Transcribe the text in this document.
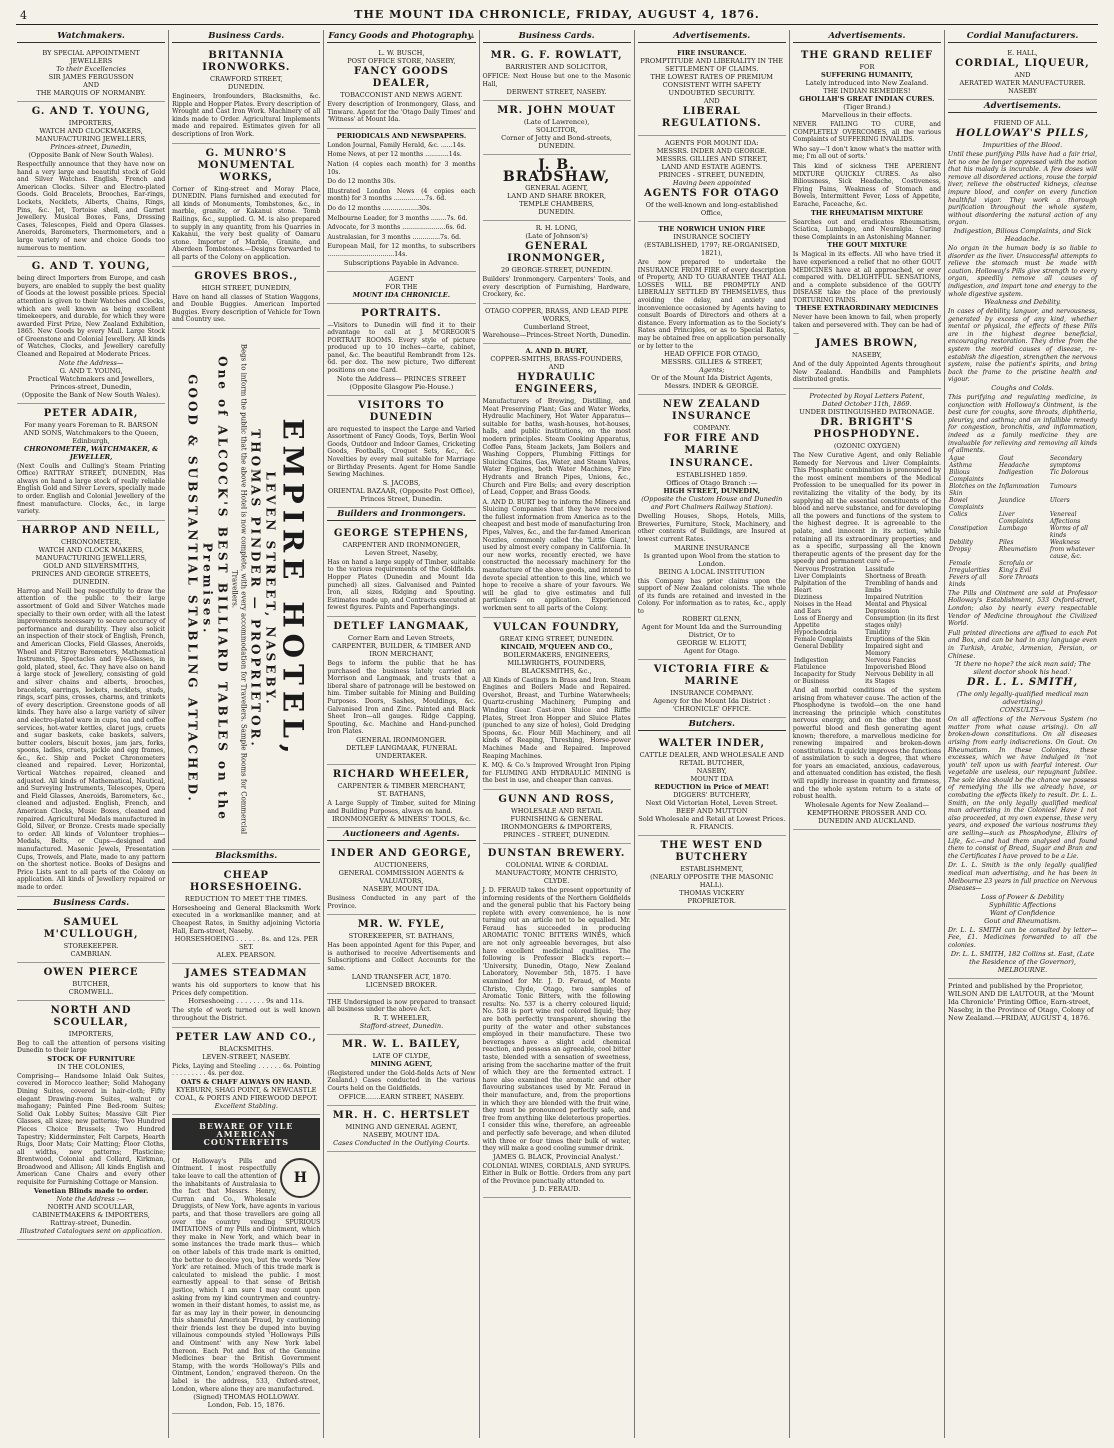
4	THE MOUNT IDA CHRONICLE, FRIDAY, AUGUST 4, 1876.
Watchmakers.
BY SPECIAL APPOINTMENT
JEWELLERS
To their Excellencies
SIR JAMES FERGUSSON
AND
THE MARQUIS OF NORMANBY.
G. AND T. YOUNG,
IMPORTERS,
WATCH AND CLOCKMAKERS,
MANUFACTURING JEWELLERS,
Princes-street, Dunedin,
(Opposite Bank of New South Wales).
Respectfully announce that they have now on hand a very large and beautiful stock of Gold and Silver Watches. English, French and American Clocks. Silver and Electro-plated Goods. Gold Bracelets, Brooches, Ear-rings, Lockets, Necklets, Alberts, Chains, Rings, Pins, &c. Jet, Tortoise shell, and Garnet Jewellery. Musical Boxes, Fans, Dressing Cases, Telescopes, Field and Opera Glasses. Aneroids, Barometers, Thermometers, and a large variety of new and choice Goods too numerous to mention.
G. AND T. YOUNG,
being direct Importers from Europe, and cash buyers, are enabled to supply the best quality of Goods at the lowest possible prices. Special attention is given to their Watches and Clocks, which are well known as being excellent timekeepers, and durable, for which they were awarded First Prize, New Zealand Exhibition, 1865. New Goods by every Mail. Large Stock of Greenstone and Colonial Jewellery. All kinds of Watches, Clocks, and Jewellery carefully Cleaned and Repaired at Moderate Prices.
Note the Address—
G. AND T. YOUNG,
Practical Watchmakers and Jewellers,
Princes-street, Dunedin,
(Opposite the Bank of New South Wales).
PETER ADAIR,
For many years Foreman to R. BARSON AND SONS, Watchmakers to the Queen, Edinburgh,
CHRONOMETER, WATCHMAKER, & JEWELLER,
(Next Coulls and Culling's Steam Printing Office) RATTRAY STREET, DUNEDIN, Has always on hand a large stock of really reliable English Gold and Silver Levers, specially made to order. English and Colonial Jewellery of the finest manufacture. Clocks, &c., in large variety.
HARROP AND NEILL,
CHRONOMETER,
WATCH AND CLOCK MAKERS,
MANUFACTURING JEWELLERS,
GOLD AND SILVERSMITHS,
PRINCES AND GEORGE STREETS,
DUNEDIN.
Harrop and Neill beg respectfully to draw the attention of the public to their large assortment of Gold and Silver Watches made specially to their own order, with all the latest improvements necessary to secure accuracy of performance and durability. They also solicit an inspection of their stock of English, French, and American Clocks, Field Glasses, Aneroids, Wheel and Fitzroy Barometers, Mathematical Instruments, Spectacles and Eye-Glasses, in gold, plated, steel, &c. They have also on hand a large stock of Jewellery, consisting of gold and silver chains and alberts, brooches, bracelets, earrings, lockets, necklets, studs, rings, scarf pins, crosses, charms, and trinkets of every description. Greenstone goods of all kinds. They have also a large variety of silver and electro-plated ware in cups, tea and coffee services, hot-water kettles, claret jugs, cruets and sugar baskets, cake baskets, salvers, butter coolers, biscuit boxes, jam jars, forks, spoons, ladles, cruets, pickle and egg frames, &c., &c. Ship and Pocket Chronometers cleaned and repaired. Lever, Horizontal, Vertical Watches repaired, cleaned and adjusted. All kinds of Mathematical, Nautical, and Surveying Instruments, Telescopes, Opera and Field Glasses, Aneroids, Barometers, &c., cleaned and adjusted. English, French, and American Clocks, Music Boxes, cleaned and repaired. Agricultural Medals manufactured in Gold, Silver, or Bronze. Crests made specially to order. All kinds of Volunteer trophies—Medals, Belts, or Cups—designed and manufactured. Masonic Jewels, Presentation Cups, Trowels, and Plate, made to any pattern on the shortest notice. Books of Designs and Price Lists sent to all parts of the Colony on application. All kinds of Jewellery repaired or made to order.
Business Cards.
SAMUEL M'CULLOUGH,
STOREKEEPER.
CAMBRIAN.
OWEN PIERCE
BUTCHER,
CROMWELL.
NORTH AND SCOULLAR,
IMPORTERS,
Beg to call the attention of persons visiting Dunedin to their large
STOCK OF FURNITURE
IN THE COLONIES,
Comprising— Handsome Inlaid Oak Suites, covered in Morocco leather; Solid Mahogany Dining Suites, covered in hair-cloth; Fifty elegant Drawing-room Suites, walnut or mahogany; Painted Pine Bed-room Suites; Solid Oak Lobby Suites; Massive Gilt Pier Glasses, all sizes; new patterns; Two Hundred Pieces Choice Brussels; Two Hundred Tapestry; Kidderminster, Felt Carpets, Hearth Rugs, Door Mats; Coir Matting; Floor Cloths, all widths, new patterns; Plasticine; Brentwood, Colonial and Collard, Kirkman, Broadwood and Allison; All kinds English and American Cane Chairs and every other requisite for Furnishing Cottage or Mansion.
Venetian Blinds made to order.
Note the Address :—
NORTH AND SCOULLAR,
CABINETMAKERS & IMPORTERS,
Rattray-street, Dunedin.
Illustrated Catalogues sent on application.
Business Cards.
BRITANNIA IRONWORKS.
CRAWFORD STREET,
DUNEDIN.
Engineers, Ironfounders, Blacksmiths, &c. Ripple and Hopper Plates. Every description of Wrought and Cast Iron Work. Machinery of all kinds made to Order. Agricultural Implements made and repaired. Estimates given for all descriptions of Iron Work.
G. MUNRO'S MONUMENTAL WORKS,
Corner of King-street and Moray Place, DUNEDIN. Plans furnished and executed for all kinds of Monuments, Tombstones, &c., in marble, granite, or Kakanui stone. Tomb Railings, &c., supplied. G. M. is also prepared to supply in any quantity, from his Quarries in Kakanui, the very best quality of Oamaru stone. Importer of Marble, Granite, and Aberdeen Tombstones.—Designs forwarded to all parts of the Colony on application.
GROVES BROS.,
HIGH STREET, DUNEDIN,
Have on hand all classes of Station Waggons, and Double Buggies. American Imported Buggies. Every description of Vehicle for Town and Country use.
EMPIRE HOTEL,
LEVEN STREET, NASEBY.
THOMAS PINDER — PROPRIETOR.
Begs to inform the public that the above Hotel is now complete, with every accommodation for Travellers. Sample Rooms for Commercial Travellers.
One of ALCOCK'S BEST BILLIARD TABLES on the Premises.
GOOD & SUBSTANTIAL STABLING ATTACHED.
Blacksmiths.
CHEAP HORSESHOEING.
REDUCTION TO MEET THE TIMES.
Horseshoeing and General Blacksmith Work executed in a workmanlike manner, and at Cheapest Rates, in Smithy adjoining Victoria Hall, Earn-street, Naseby.
HORSESHOEING . . . . . . 8s. and 12s. PER SET.
ALEX. PEARSON.
JAMES STEADMAN
wants his old supporters to know that his Prices defy competition.
Horseshoeing . . . . . . . 9s and 11s.
The style of work turned out is well known throughout the District.
PETER LAW AND CO.,
BLACKSMITHS.
LEVEN-STREET, NASEBY.
Picks, Laying and Steeling . . . . . . 6s. Pointing . . . . . . . . . 4s. per doz.
OATS & CHAFF ALWAYS ON HAND.
KYEBURN, SHAG POINT, & NEWCASTLE COAL, & PORTS AND FIREWOOD DEPOT.
Excellent Stabling.
BEWARE OF VILE AMERICAN COUNTERFEITS
H
Of Holloway's Pills and Ointment. I most respectfully take leave to call the attention of the inhabitants of Australasia to the fact that Messrs. Henry, Curran and Co., Wholesale Druggists, of New York, have agents in various parts, and that those travellers are going all over the country vending SPURIOUS IMITATIONS of my Pills and Ointment, which they make in New York, and which bear in some instances the trade mark thus— which on other labels of this trade mark is omitted, the better to deceive you, but the words 'New York' are retained. Much of this trade mark is calculated to mislead the public. I most earnestly appeal to that sense of British justice, which I am sure I may count upon asking from my kind countrymen and country-women in their distant homes, to assist me, as far as may lay in their power, in denouncing this shameful American Fraud, by cautioning their friends lest they be duped into buying villainous compounds styled 'Holloways Pills and Ointment' with any New York label thereon. Each Pot and Box of the Genuine Medicines bear the British Government Stamp, with the words 'Holloway's Pills and Ointment, London,' engraved thereon. On the label is the address, 533, Oxford-street, London, where alone they are manufactured.
(Signed) THOMAS HOLLOWAY.
London, Feb. 15, 1876.
Fancy Goods and Photography.
L. W. BUSCH,
POST OFFICE STORE, NASEBY,
FANCY GOODS DEALER,
TOBACCONIST AND NEWS AGENT.
Every description of Ironmongery, Glass, and Tinware. Agent for the 'Otago Daily Times' and 'Witness' at Mount Ida.
PERIODICALS AND NEWSPAPERS.
London Journal, Family Herald, &c. ......14s.
Home News, at per 12 months ............14s.
Nation (4 copies each month) for 3 months 10s.
Do do 12 months 30s.
Illustrated London News (4 copies each month) for 3 months ................7s. 6d.
Do do 12 months ..................30s.
Melbourne Leader, for 3 months ........7s. 6d.
Advocate, for 3 months ......................6s. 6d.
Australasian, for 3 months ..............7s. 6d.
European Mail, for 12 months, to subscribers ..................................14s.
Subscriptions Payable in Advance.
AGENT
FOR THE
MOUNT IDA CHRONICLE.
PORTRAITS.
—Visitors to Dunedin will find it to their advantage to call at J. M'GREGOR'S PORTRAIT ROOMS. Every style of picture produced up to 10 inches—carte, cabinet, panel, &c. The beautiful Rembrandt from 12s. 6d. per doz. The new picture, Two different positions on one Card.
Note the Address— PRINCES STREET (Opposite Glasgow Pie-House.)
VISITORS TO DUNEDIN
are requested to inspect the Large and Varied Assortment of Fancy Goods, Toys, Berlin Wool Goods, Outdoor and Indoor Games, Cricketing Goods, Footballs, Croquet Sets, &c., &c. Novelties by every mail suitable for Marriage or Birthday Presents. Agent for Home Sandle Sewing Machines.
S. JACOBS,
ORIENTAL BAZAAR, (Opposite Post Office), Princes Street, Dunedin.
Builders and Ironmongers.
GEORGE STEPHENS,
CARPENTER AND IRONMONGER,
Leven Street, Naseby,
Has on hand a large supply of Timber, suitable to the various requirements of the Goldfields. Hopper Plates (Dunedin and Mount Ida punched) all sizes. Galvanised and Painted Iron, all sizes, Ridging and Spouting. Estimates made up, and Contracts executed at fewest figures. Paints and Paperhangings.
DETLEF LANGMAAK,
Corner Earn and Leven Streets,
CARPENTER, BUILDER, & TIMBER AND IRON MERCHANT,
Begs to inform the public that he has purchased the business lately carried on Morrison and Langmaak, and trusts that a liberal share of patronage will be bestowed on him. Timber suitable for Mining and Building Purposes. Doors, Sashes, Mouldings, &c. Galvanised Iron and Zinc. Painted and Black Sheet Iron—all gauges. Ridge Capping, Spouting, &c. Machine and Hand-punched Iron Plates.
GENERAL IRONMONGER.
DETLEF LANGMAAK, FUNERAL UNDERTAKER.
RICHARD WHEELER,
CARPENTER & TIMBER MERCHANT,
ST. BATHANS,
A Large Supply of Timber, suited for Mining and Building Purposes, always on hand.
IRONMONGERY & MINERS' TOOLS, &c.
Auctioneers and Agents.
INDER AND GEORGE,
AUCTIONEERS,
GENERAL COMMISSION AGENTS & VALUATORS,
NASEBY, MOUNT IDA.
Business Conducted in any part of the Province.
MR. W. FYLE,
STOREKEEPER, ST. BATHANS,
Has been appointed Agent for this Paper, and is authorised to receive Advertisements and Subscriptions and Collect Accounts for the same.
LAND TRANSFER ACT, 1870.
LICENSED BROKER.
THE Undersigned is now prepared to transact all business under the above Act.
R. T. WHEELER,
Stafford-street, Dunedin.
MR. W. L. BAILEY,
LATE OF CLYDE,
MINING AGENT,
(Registered under the Gold-fields Acts of New Zealand.) Cases conducted in the various Courts held on the Goldfields.
OFFICE.......EARN STREET, NASEBY.
MR. H. C. HERTSLET
MINING AND GENERAL AGENT,
NASEBY, MOUNT IDA.
Cases Conducted in the Outlying Courts.
Business Cards.
MR. G. F. ROWLATT,
BARRISTER AND SOLICITOR,
OFFICE: Next House but one to the Masonic Hall,
DERWENT STREET, NASEBY.
MR. JOHN MOUAT
(Late of Lawrence),
SOLICITOR,
Corner of Jetty and Bond-streets,
DUNEDIN.
J. B. BRADSHAW,
GENERAL AGENT,
LAND AND SHARE BROKER,
TEMPLE CHAMBERS,
DUNEDIN.
R. H. LONG,
(Late of Johnson's)
GENERAL IRONMONGER,
29 GEORGE-STREET, DUNEDIN.
Builders' Ironmongery. Carpenters' Tools, and every description of Furnishing, Hardware, Crockery, &c.
OTAGO COPPER, BRASS, AND LEAD PIPE WORKS,
Cumberland Street,
Warehouse—Princes-Street North, Dunedin.
A. AND D. BURT,
COPPER-SMITHS, BRASS-FOUNDERS, AND
HYDRAULIC ENGINEERS,
Manufacturers of Brewing, Distilling, and Meat Preserving Plant; Gas and Water Works, Hydraulic Machinery, Hot Water Apparatus—suitable for baths, wash-houses, hot-houses, halls, and public institutions, on the most modern principles. Steam Cooking Apparatus, Coffee Pans, Steam Jackets, Jam Boilers and Washing Coppers, Plumbing Fittings for Sluicing Claims, Gas, Water, and Steam Valves, Water Engines, both Water Machines, Fire Hydrants and Branch Pipes, Unions, &c., Church and Fire Bells; and every description of Lead, Copper, and Brass Goods.
A. AND D. BURT beg to inform the Miners and Sluicing Companies that they have received the fullest information from America as to the cheapest and best mode of manufacturing Iron Pipes, Valves, &c., and the far-famed American Nozzles, commonly called the 'Little Giant,' used by almost every company in California. In our new works, recently erected, we have constructed the necessary machinery for the manufacture of the above goods, and intend to devote special attention to this line, which we hope to receive a share of your favours. We will be glad to give estimates and full particulars on application. Experienced workmen sent to all parts of the Colony.
VULCAN FOUNDRY,
GREAT KING STREET, DUNEDIN.
KINCAID, M'QUEEN AND CO.,
BOILERMAKERS, ENGINEERS, MILLWRIGHTS, FOUNDERS, BLACKSMITHS, &c.,
All Kinds of Castings in Brass and Iron. Steam Engines and Boilers Made and Repaired. Overshot, Breast, and Turbine Waterwheels; Quartz-crushing Machinery, Pumping and Winding Gear. Cast-iron Sluice and Riffle Plates, Street Iron Hopper and Sluice Plates (punched to any size of holes), Gold Dredging Spoons, &c. Flour Mill Machinery, and all kinds of Reaping, Threshing, Horse-power Machines Made and Repaired. Improved Reaping Machines.
K. MQ. & Co.'s Improved Wrought Iron Piping for FLUMING AND HYDRAULIC MINING is the best in use, and cheaper than canvas.
GUNN AND ROSS,
WHOLESALE AND RETAIL
FURNISHING & GENERAL IRONMONGERS & IMPORTERS,
PRINCES - STREET, DUNEDIN.
DUNSTAN BREWERY.
COLONIAL WINE & CORDIAL MANUFACTORY, MONTE CHRISTO, CLYDE.
J. D. FERAUD takes the present opportunity of informing residents of the Northern Goldfields and the general public that his Factory being replete with every convenience, he is now turning out an article not to be equalled. Mr. Feraud has succeeded in producing AROMATIC TONIC BITTERS WINES, which are not only agreeable beverages, but also have excellent medicinal qualities. The following is Professor Black's report:— 'University, Dunedin, Otago, New Zealand Laboratory, November 5th, 1875. I have examined for Mr. J. D. Feraud, of Monte Christo, Clyde, Otago, two samples of Aromatic Tonic Bitters, with the following results: No. 537 is a cherry coloured liquid; No. 538 is port wine red colored liquid; they are both perfectly transparent, showing the purity of the water and other substances employed in their manufacture. These two beverages have a slight acid chemical reaction, and possess an agreeable, cool bitter taste, blended with a sensation of sweetness, arising from the saccharine matter of the fruit of which they are the fermented extract. I have also examined the aromatic and other flavouring substances used by Mr. Feraud in their manufacture, and, from the proportions in which they are blended with the fruit wine, they must be pronounced perfectly safe, and free from anything like deleterious properties. I consider this wine, therefore, an agreeable and perfectly safe beverage, and when diluted with three or four times their bulk of water, they will make a good cooling summer drink.
JAMES G. BLACK, Provincial Analyst.'
COLONIAL WINES, CORDIALS, AND SYRUPS. Either in Bulk or Bottle. Orders from any part of the Province punctually attended to.
J. D. FERAUD.
Advertisements.
FIRE INSURANCE.
PROMPTITUDE AND LIBERALITY IN THE SETTLEMENT OF CLAIMS.
THE LOWEST RATES OF PREMIUM CONSISTENT WITH SAFETY
UNDOUBTED SECURITY.
AND
LIBERAL REGULATIONS.
AGENTS FOR MOUNT IDA:
MESSRS. INDER AND GEORGE.
MESSRS. GILLIES AND STREET,
LAND AND ESTATE AGENTS.
PRINCES - STREET, DUNEDIN,
Having been appointed
AGENTS FOR OTAGO
Of the well-known and long-established Office,
THE NORWICH UNION FIRE
INSURANCE SOCIETY
(ESTABLISHED, 1797; RE-ORGANISED, 1821),
Are now prepared to undertake the INSURANCE FROM FIRE of every description of Property, AND TO GUARANTEE THAT ALL LOSSES WILL BE PROMPTLY AND LIBERALLY SETTLED BY THEMSELVES, thus avoiding the delay, and anxiety and inconvenience occasioned by Agents having to consult Boards of Directors and others at a distance. Every information as to the Society's Rates and Principles, or as to Special Rates, may be obtained free on application personally or by letter to the
HEAD OFFICE FOR OTAGO,
MESSRS. GILLIES & STREET,
Agents;
Or of the Mount Ida District Agents,
Messrs. INDER & GEORGE.
NEW ZEALAND INSURANCE
COMPANY.
FOR FIRE AND MARINE
INSURANCE.
ESTABLISHED 1859.
Offices of Otago Branch :—
HIGH STREET, DUNEDIN,
(Opposite the Custom House and Dunedin and Port Chalmers Railway Station).
Dwelling Houses, Shops, Hotels, Mills, Breweries, Furniture, Stock, Machinery, and other contents of Buildings, are Insured at lowest current Rates.
MARINE INSURANCE
Is granted upon Wool from the station to London.
BEING A LOCAL INSTITUTION
this Company has prior claims upon the support of New Zealand colonists. The whole of its funds are retained and invested in the Colony. For information as to rates, &c., apply to
ROBERT GLENN,
Agent for Mount Ida and the Surrounding District, Or to
GEORGE W. ELIOTT,
Agent for Otago.
VICTORIA FIRE & MARINE
INSURANCE COMPANY.
Agency for the Mount Ida District : 'CHRONICLE' OFFICE.
Butchers.
WALTER INDER,
CATTLE DEALER, AND WHOLESALE AND RETAIL BUTCHER,
NASEBY,
MOUNT IDA
REDUCTION in Price of MEAT!
DIGGERS' BUTCHERY,
Next Old Victorian Hotel, Leven Street.
BEEF AND MUTTON
Sold Wholesale and Retail at Lowest Prices.
R. FRANCIS.
THE WEST END BUTCHERY
ESTABLISHMENT,
(NEARLY OPPOSITE THE MASONIC HALL).
THOMAS VICKERY
PROPRIETOR.
Advertisements.
THE GRAND RELIEF
FOR
SUFFERING HUMANITY,
Lately introduced into New Zealand.
THE INDIAN REMEDIES!
GHOLLAH'S GREAT INDIAN CURES.
(Tiger Brand.)
Marvellous in their effects.
NEVER FAILING TO CURE, and COMPLETELY OVERCOMES, all the various Complaints of SUFFERING INVALIDS.
Who say—'I don't know what's the matter with me; I'm all out of sorts.'
This kind of sickness THE APERIENT MIXTURE QUICKLY CURES. As also Biliousness, Sick Headache, Costiveness, Flying Pains, Weakness of Stomach and Bowels, Intermittent Fever, Loss of Appetite, Earache, Faceache, &c.
THE RHEUMATISM MIXTURE
Searches out and eradicates Rheumatism, Sciatica, Lumbago, and Neuralgia. Curing these Complaints in an Astonishing Manner.
THE GOUT MIXTURE
Is Magical in its effects. All who have tried it have experienced a relief that no other GOUT MEDICINES have at all approached, or ever compared with. DELIGHTFUL SENSATIONS, and a complete subsidence of the GOUTY DISEASE take the place of the previously TORTURING PAINS.
THESE EXTRAORDINARY MEDICINES
Never have been known to fail, when properly taken and persevered with. They can be had of—
JAMES BROWN,
NASEBY,
And of the duly Appointed Agents throughout New Zealand. Handbills and Pamphlets distributed gratis.
Protected by Royal Letters Patent,
Dated October 11th, 1869.
UNDER DISTINGUISHED PATRONAGE.
DR. BRIGHT'S PHOSPHODYNE.
(OZONIC OXYGEN)
The New Curative Agent, and only Reliable Remedy for Nervous and Liver Complaints. This Phosphatic combination is pronounced by the most eminent members of the Medical Profession to be unequalled for its power in revitalizing the vitality of the body, by its supplying all the essential constituents of the blood and nerve substance, and for developing all the powers and functions of the system to the highest degree. It is agreeable to the palate, and innocent in its action, while retaining all its extraordinary properties; and as a specific, surpassing all the known therapeutic agents of the present day for the speedy and permanent cure of—
Nervous Prostration	Lassitude
Liver Complaints	Shortness of Breath
Palpitation of the Heart	Trembling of hands and limbs
Dizziness	Impaired Nutrition
Noises in the Head and Ears	Mental and Physical Depression
Loss of Energy and Appetite	Consumption (in its first stages only)
Hypochondria	Timidity
Female Complaints	Eruptions of the Skin
General Debility	Impaired sight and Memory
Indigestion	Nervous Fancies
Flatulence	Impoverished Blood
Incapacity for Study or Business	Nervous Debility in all its Stages
And all morbid conditions of the system arising from whatever cause. The action of the Phosphodyne is twofold—on the one hand increasing the principle which constitutes nervous energy, and on the other the most powerful blood and flesh generating agent known; therefore, a marvellous medicine for renewing impaired and broken-down constitutions. It quickly improves the functions of assimilation to such a degree, that where for years an emaciated, anxious, cadaverous, and attenuated condition has existed, the flesh will rapidly increase in quantity and firmness, and the whole system return to a state of robust health.
Wholesale Agents for New Zealand— KEMPTHORNE PROSSER AND CO. DUNEDIN AND AUCKLAND.
Cordial Manufacturers.
E. HALL,
CORDIAL, LIQUEUR,
AND
AERATED WATER MANUFACTURER.
NASEBY
Advertisements.
FRIEND OF ALL.
HOLLOWAY'S PILLS,
Impurities of the Blood.
Until these purifying Pills have had a fair trial, let no one be longer oppressed with the notion that his malady is incurable. A few doses will remove all disordered actions, rouse the torpid liver, relieve the obstructed kidneys, cleanse impure blood, and confer on every function healthful vigor. They work a thorough purification throughout the whole system, without disordering the natural action of any organ.
Indigestion, Bilious Complaints, and Sick Headache.
No organ in the human body is so liable to disorder as the liver. Unsuccessful attempts to relieve the stomach must be made with caution. Holloway's Pills give strength to every organ, speedily remove all causes of indigestion, and impart tone and energy to the whole digestive system.
Weakness and Debility.
In cases of debility, languor, and nervousness, generated by excess of any kind, whether mental or physical, the effects of these Pills are in the highest degree beneficial, encouraging restoration. They drive from the system the morbid causes of disease, re-establish the digestion, strengthen the nervous system, raise the patient's spirits, and bring back the frame to the pristine health and vigour.
Coughs and Colds.
This purifying and regulating medicine, in conjunction with Holloway's Ointment, is the best cure for coughs, sore throats, diphtheria, pleurisy, and asthma; and an infallible remedy for congestion, bronchitis, and inflammation, indeed as a family medicine they are invaluable for relieving and removing all kinds of ailments.
Ague	Gout	Secondary
Asthma	Headache	symptoms
Bilious Complaints	Indigestion	Tic Dolorous
Blotches on the Skin	Inflammation	Tumours
Bowel Complaints	Jaundice	Ulcers
Colics	Liver Complaints	Venereal Affections
Constipation	Lumbago	Worms of all kinds
Debility	Piles	Weakness
Dropsy	Rheumatism	from whatever cause, &c.
Female Irregularities	Scrofula or King's Evil	
Fevers of all kinds	Sore Throats	
The Pills and Ointment are sold at Professor Holloway's Establishment, 533 Oxford-street, London; also by nearly every respectable Vendor of Medicine throughout the Civilized World.
Full printed directions are affixed to each Pot and Box, and can be had in any language even in Turkish, Arabic, Armenian, Persian, or Chinese.
'It there no hope? the sick man said; The silent doctor shook his head.'
DR. L. L. SMITH,
(The only legally-qualified medical man advertising)
CONSULTS—
On all affections of the Nervous System (no matter from what cause arising). On all broken-down constitutions. On all diseases arising from early indiscretions. On Gout. On Rheumatism. In these Colonies, these excesses, which we have indulged in 'not youth' tell upon us with fearful interest. Our vegetable are useless, our repugnant Jubilee. The sole idea should be the chance we possess of remedying the ills we already have, or combating the effects likely to result. Dr. L. L. Smith, on the only legally qualified medical man advertising in the Colonies! Have I not also proceeded, at my own expense, these very years, and exposed the various nostrums they are selling—such as Phosphodyne, Elixirs of Life, &c.—and had them analysed and found them to consist of Bread, Sugar and Bran and the Certificates I have proved to be a Lie.
Dr. L. L. Smith is the only legally qualified medical man advertising, and he has been in Melbourne 23 years in full practice on Nervous Diseases—
Loss of Power & Debility
Syphilitic Affections
Want of Confidence
Gout and Rheumatism.
Dr. L. L. SMITH can be consulted by letter—Fee, £1. Medicines forwarded to all the colonies.
Dr. L. L. SMITH, 182 Collins st. East, (Late the Residence of the Governor), MELBOURNE.
Printed and published by the Proprietor, WILSON AND DE LAUTOUR, at the 'Mount Ida Chronicle' Printing Office, Earn-street, Naseby, in the Province of Otago, Colony of New Zealand.—FRIDAY, AUGUST 4, 1876.
